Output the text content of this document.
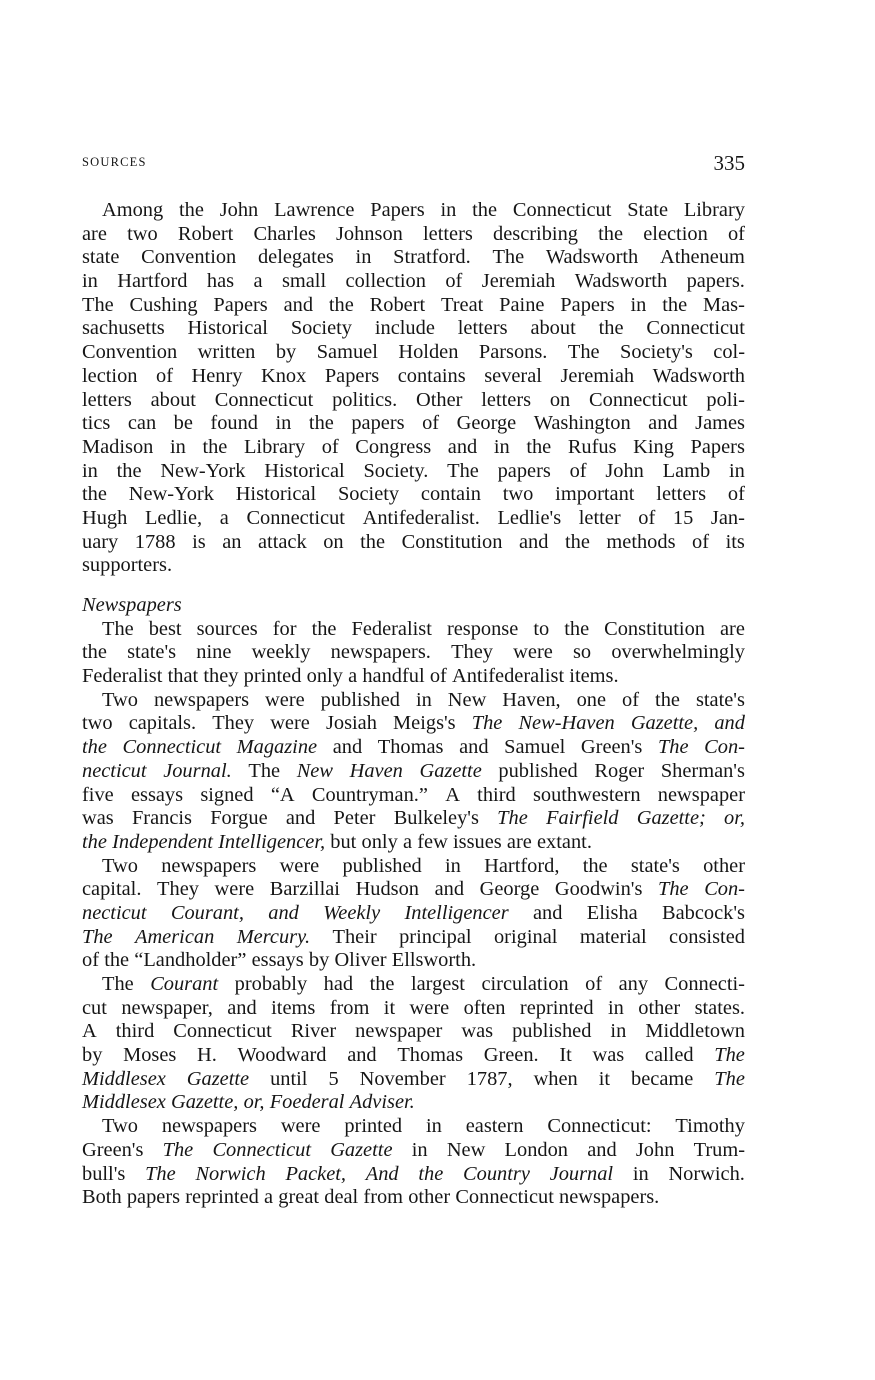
SOURCES	335
Among the John Lawrence Papers in the Connecticut State Library
are two Robert Charles Johnson letters describing the election of
state Convention delegates in Stratford. The Wadsworth Atheneum
in Hartford has a small collection of Jeremiah Wadsworth papers.
The Cushing Papers and the Robert Treat Paine Papers in the Mas-
sachusetts Historical Society include letters about the Connecticut
Convention written by Samuel Holden Parsons. The Society's col-
lection of Henry Knox Papers contains several Jeremiah Wadsworth
letters about Connecticut politics. Other letters on Connecticut poli-
tics can be found in the papers of George Washington and James
Madison in the Library of Congress and in the Rufus King Papers
in the New-York Historical Society. The papers of John Lamb in
the New-York Historical Society contain two important letters of
Hugh Ledlie, a Connecticut Antifederalist. Ledlie's letter of 15 Jan-
uary 1788 is an attack on the Constitution and the methods of its
supporters.
Newspapers
The best sources for the Federalist response to the Constitution are
the state's nine weekly newspapers. They were so overwhelmingly
Federalist that they printed only a handful of Antifederalist items.
Two newspapers were published in New Haven, one of the state's
two capitals. They were Josiah Meigs's The New-Haven Gazette, and
the Connecticut Magazine and Thomas and Samuel Green's The Con-
necticut Journal. The New Haven Gazette published Roger Sherman's
five essays signed “A Countryman.” A third southwestern newspaper
was Francis Forgue and Peter Bulkeley's The Fairfield Gazette; or,
the Independent Intelligencer, but only a few issues are extant.
Two newspapers were published in Hartford, the state's other
capital. They were Barzillai Hudson and George Goodwin's The Con-
necticut Courant, and Weekly Intelligencer and Elisha Babcock's
The American Mercury. Their principal original material consisted
of the “Landholder” essays by Oliver Ellsworth.
The Courant probably had the largest circulation of any Connecti-
cut newspaper, and items from it were often reprinted in other states.
A third Connecticut River newspaper was published in Middletown
by Moses H. Woodward and Thomas Green. It was called The
Middlesex Gazette until 5 November 1787, when it became The
Middlesex Gazette, or, Foederal Adviser.
Two newspapers were printed in eastern Connecticut: Timothy
Green's The Connecticut Gazette in New London and John Trum-
bull's The Norwich Packet, And the Country Journal in Norwich.
Both papers reprinted a great deal from other Connecticut newspapers.
